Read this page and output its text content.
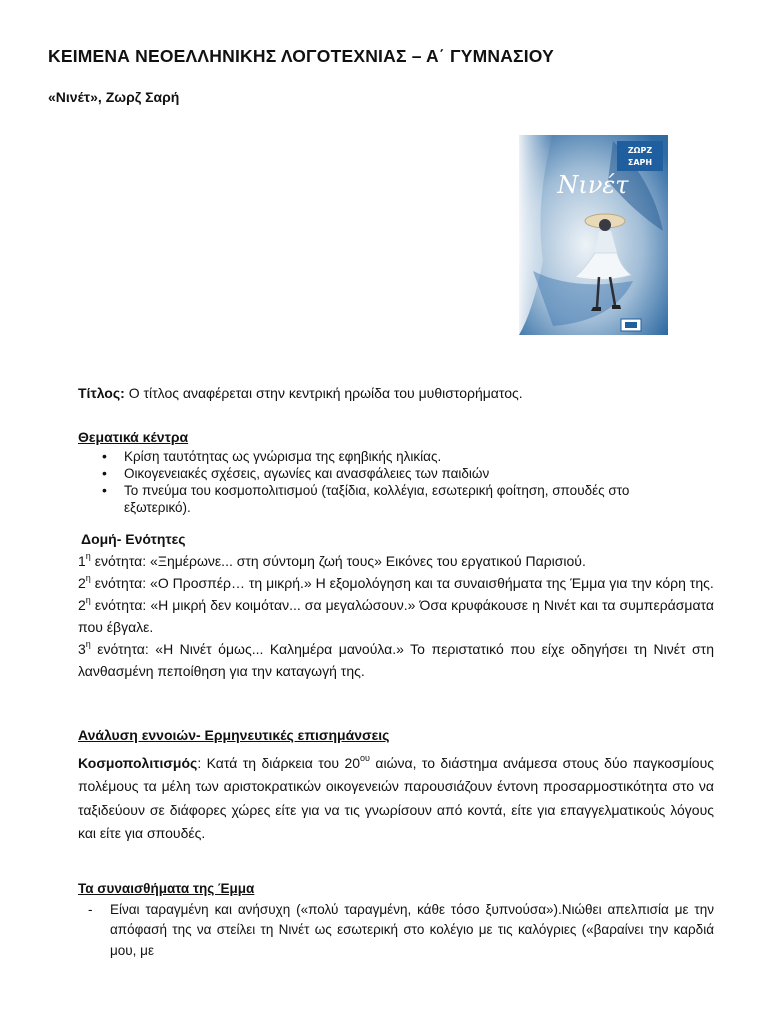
ΚΕΙΜΕΝΑ ΝΕΟΕΛΛΗΝΙΚΗΣ ΛΟΓΟΤΕΧΝΙΑΣ – Α΄ ΓΥΜΝΑΣΙΟΥ

«Νινέτ», Ζωρζ Σαρή

ΖΩΡΖ
ΣΑΡΗ
Νινέτ
Τίτλος: Ο τίτλος αναφέρεται στην κεντρική ηρωίδα του μυθιστορήματος.
Θεματικά κέντρα
• Κρίση ταυτότητας ως γνώρισμα της εφηβικής ηλικίας.
• Οικογενειακές σχέσεις, αγωνίες και ανασφάλειες των παιδιών
• Το πνεύμα του κοσμοπολιτισμού (ταξίδια, κολλέγια, εσωτερική φοίτηση, σπουδές στο εξωτερικό).
Δομή- Ενότητες
$1^\eta$ ενότητα: «Ξημέρωνε... στη σύντομη ζωή τους» Εικόνες του εργατικού Παρισιού.
$2^\eta$ ενότητα: «Ο Προσπέρ… τη μικρή.» Η εξομολόγηση και τα συναισθήματα της Έμμα για την κόρη της.
$2^\eta$ ενότητα: «Η μικρή δεν κοιμόταν... σα μεγαλώσουν.» Όσα κρυφάκουσε η Νινέτ και τα συμπεράσματα που έβγαλε.
$3^\eta$ ενότητα: «Η Νινέτ όμως... Καλημέρα μανούλα.» Το περιστατικό που είχε οδηγήσει τη Νινέτ στη λανθασμένη πεποίθηση για την καταγωγή της.
Ανάλυση εννοιών- Ερμηνευτικές επισημάνσεις
Κοσμοπολιτισμός: Κατά τη διάρκεια του $20^{o\upsilon}$ αιώνα, το διάστημα ανάμεσα στους δύο παγκοσμίους πολέμους τα μέλη των αριστοκρατικών οικογενειών παρουσιάζουν έντονη προσαρμοστικότητα στο να ταξιδεύουν σε διάφορες χώρες είτε για να τις γνωρίσουν από κοντά, είτε για επαγγελματικούς λόγους και είτε για σπουδές.
Τα συναισθήματα της Έμμα
- Είναι ταραγμένη και ανήσυχη («πολύ ταραγμένη, κάθε τόσο ξυπνούσα»).Νιώθει απελπισία με την απόφασή της να στείλει τη Νινέτ ως εσωτερική στο κολέγιο με τις καλόγριες («βαραίνει την καρδιά μου, με
